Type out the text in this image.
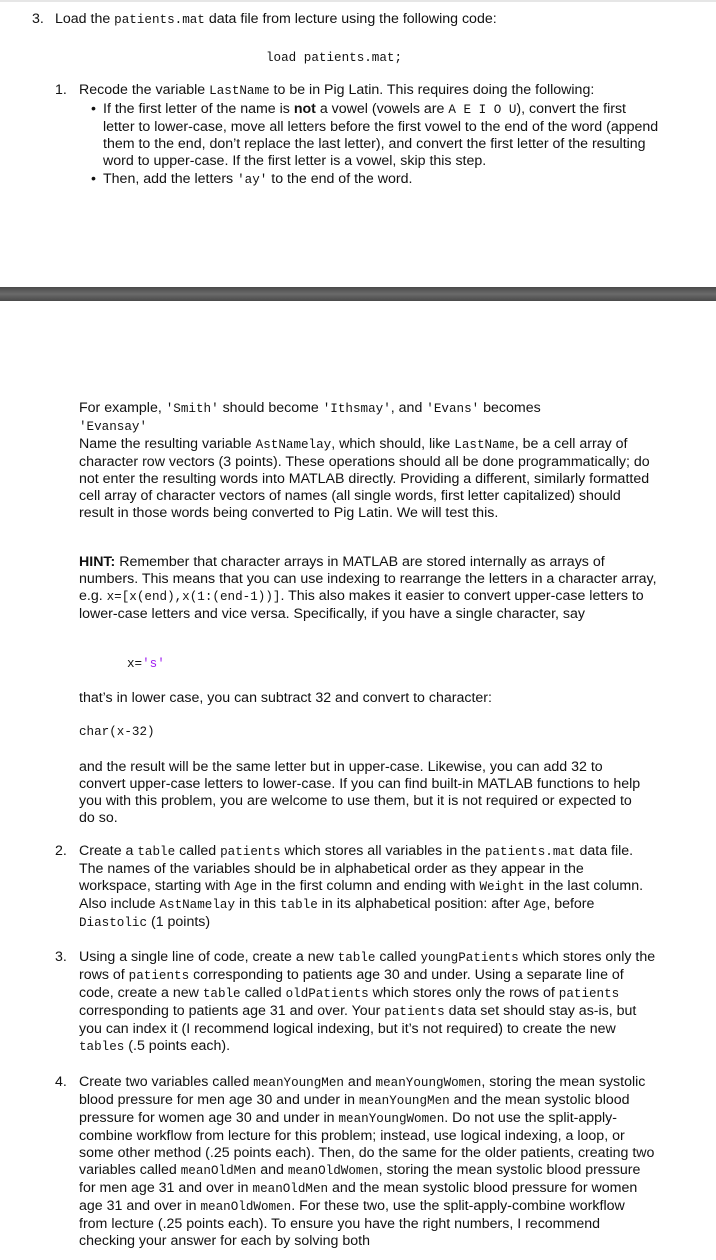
3. Load the patients.mat data file from lecture using the following code:
load patients.mat;
1. Recode the variable LastName to be in Pig Latin. This requires doing the following:
• If the first letter of the name is not a vowel (vowels are A E I O U), convert the first letter to lower-case, move all letters before the first vowel to the end of the word (append them to the end, don’t replace the last letter), and convert the first letter of the resulting word to upper-case. If the first letter is a vowel, skip this step.
• Then, add the letters 'ay' to the end of the word.

For example, 'Smith' should become 'Ithsmay', and 'Evans' becomes

'Evansay'

Name the resulting variable AstNamelay, which should, like LastName, be a cell array of character row vectors (3 points). These operations should all be done programmatically; do not enter the resulting words into MATLAB directly. Providing a different, similarly formatted cell array of character vectors of names (all single words, first letter capitalized) should result in those words being converted to Pig Latin. We will test this.

HINT: Remember that character arrays in MATLAB are stored internally as arrays of numbers. This means that you can use indexing to rearrange the letters in a character array, e.g. x=[x(end),x(1:(end-1))]. This also makes it easier to convert upper-case letters to lower-case letters and vice versa. Specifically, if you have a single character, say

x='s'
that’s in lower case, you can subtract 32 and convert to character:
char(x-32)

and the result will be the same letter but in upper-case. Likewise, you can add 32 to convert upper-case letters to lower-case. If you can find built-in MATLAB functions to help you with this problem, you are welcome to use them, but it is not required or expected to do so.

2. Create a table called patients which stores all variables in the patients.mat data file. The names of the variables should be in alphabetical order as they appear in the workspace, starting with Age in the first column and ending with Weight in the last column. Also include AstNamelay in this table in its alphabetical position: after Age, before Diastolic (1 points)

3. Using a single line of code, create a new table called youngPatients which stores only the rows of patients corresponding to patients age 30 and under. Using a separate line of code, create a new table called oldPatients which stores only the rows of patients corresponding to patients age 31 and over. Your patients data set should stay as-is, but you can index it (I recommend logical indexing, but it’s not required) to create the new tables (.5 points each).

4. Create two variables called meanYoungMen and meanYoungWomen, storing the mean systolic blood pressure for men age 30 and under in meanYoungMen and the mean systolic blood pressure for women age 30 and under in meanYoungWomen. Do not use the split-apply-combine workflow from lecture for this problem; instead, use logical indexing, a loop, or some other method (.25 points each). Then, do the same for the older patients, creating two variables called meanOldMen and meanOldWomen, storing the mean systolic blood pressure for men age 31 and over in meanOldMen and the mean systolic blood pressure for women age 31 and over in meanOldWomen. For these two, use the split-apply-combine workflow from lecture (.25 points each). To ensure you have the right numbers, I recommend checking your answer for each by solving both
